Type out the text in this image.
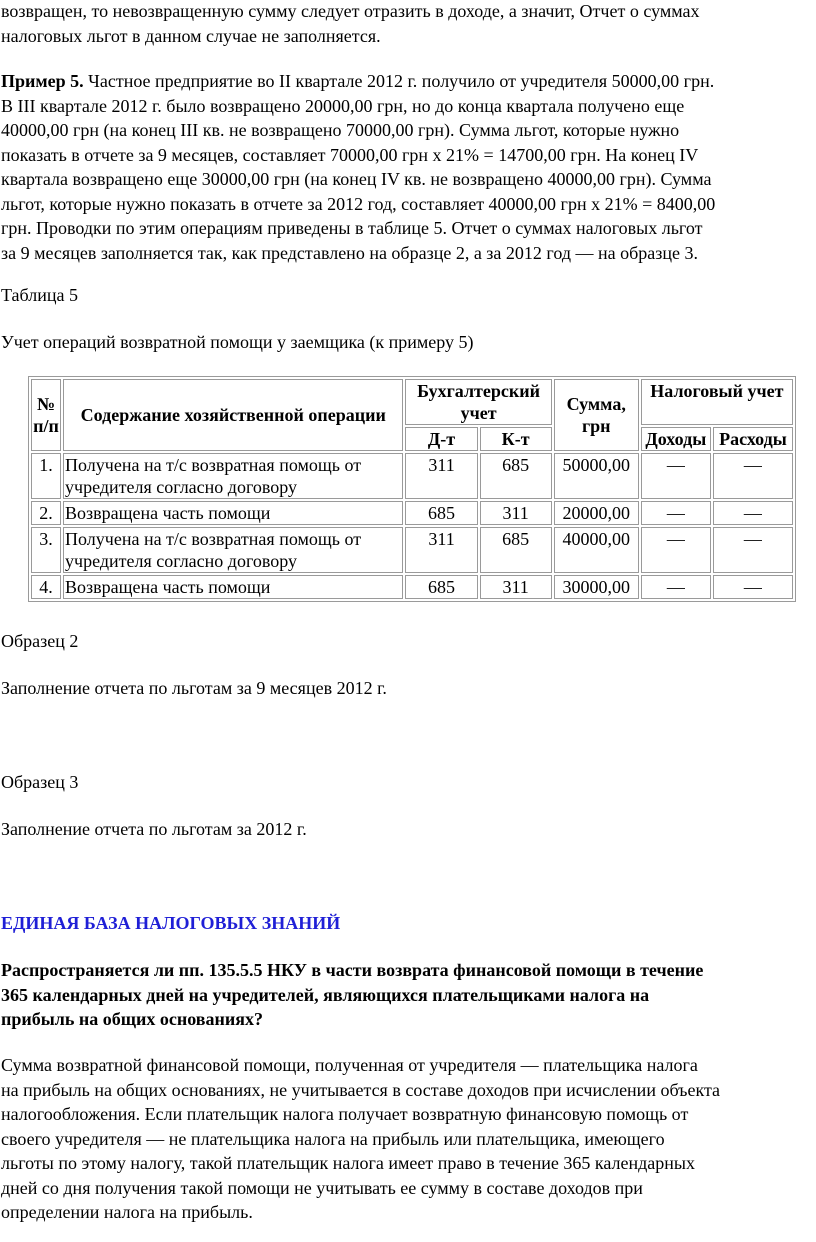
возвращен, то невозвращенную сумму следует отразить в доходе, а значит, Отчет о суммах
налоговых льгот в данном случае не заполняется.

Пример 5. Частное предприятие во II квартале 2012 г. получило от учредителя 50000,00 грн.
В III квартале 2012 г. было возвращено 20000,00 грн, но до конца квартала получено еще
40000,00 грн (на конец III кв. не возвращено 70000,00 грн). Сумма льгот, которые нужно
показать в отчете за 9 месяцев, составляет 70000,00 грн х 21% = 14700,00 грн. На конец IV
квартала возвращено еще 30000,00 грн (на конец IV кв. не возвращено 40000,00 грн). Сумма
льгот, которые нужно показать в отчете за 2012 год, составляет 40000,00 грн х 21% = 8400,00
грн. Проводки по этим операциям приведены в таблице 5. Отчет о суммах налоговых льгот
за 9 месяцев заполняется так, как представлено на образце 2, а за 2012 год — на образце 3.

Таблица 5

Учет операций возвратной помощи у заемщика (к примеру 5)

№ п/п	Содержание хозяйственной операции	Бухгалтерский учет		Сумма, грн	Налоговый учет	
		Д-т	К-т		Доходы	Расходы
1.	Получена на т/с возвратная помощь от учредителя согласно договору	311	685	50000,00	—	—
2.	Возвращена часть помощи	685	311	20000,00	—	—
3.	Получена на т/с возвратная помощь от учредителя согласно договору	311	685	40000,00	—	—
4.	Возвращена часть помощи	685	311	30000,00	—	—

Образец 2

Заполнение отчета по льготам за 9 месяцев 2012 г.

Образец 3

Заполнение отчета по льготам за 2012 г.

ЕДИНАЯ БАЗА НАЛОГОВЫХ ЗНАНИЙ

Распространяется ли пп. 135.5.5 НКУ в части возврата финансовой помощи в течение
365 календарных дней на учредителей, являющихся плательщиками налога на
прибыль на общих основаниях?

Сумма возвратной финансовой помощи, полученная от учредителя — плательщика налога
на прибыль на общих основаниях, не учитывается в составе доходов при исчислении объекта
налогообложения. Если плательщик налога получает возвратную финансовую помощь от
своего учредителя — не плательщика налога на прибыль или плательщика, имеющего
льготы по этому налогу, такой плательщик налога имеет право в течение 365 календарных
дней со дня получения такой помощи не учитывать ее сумму в составе доходов при
определении налога на прибыль.
